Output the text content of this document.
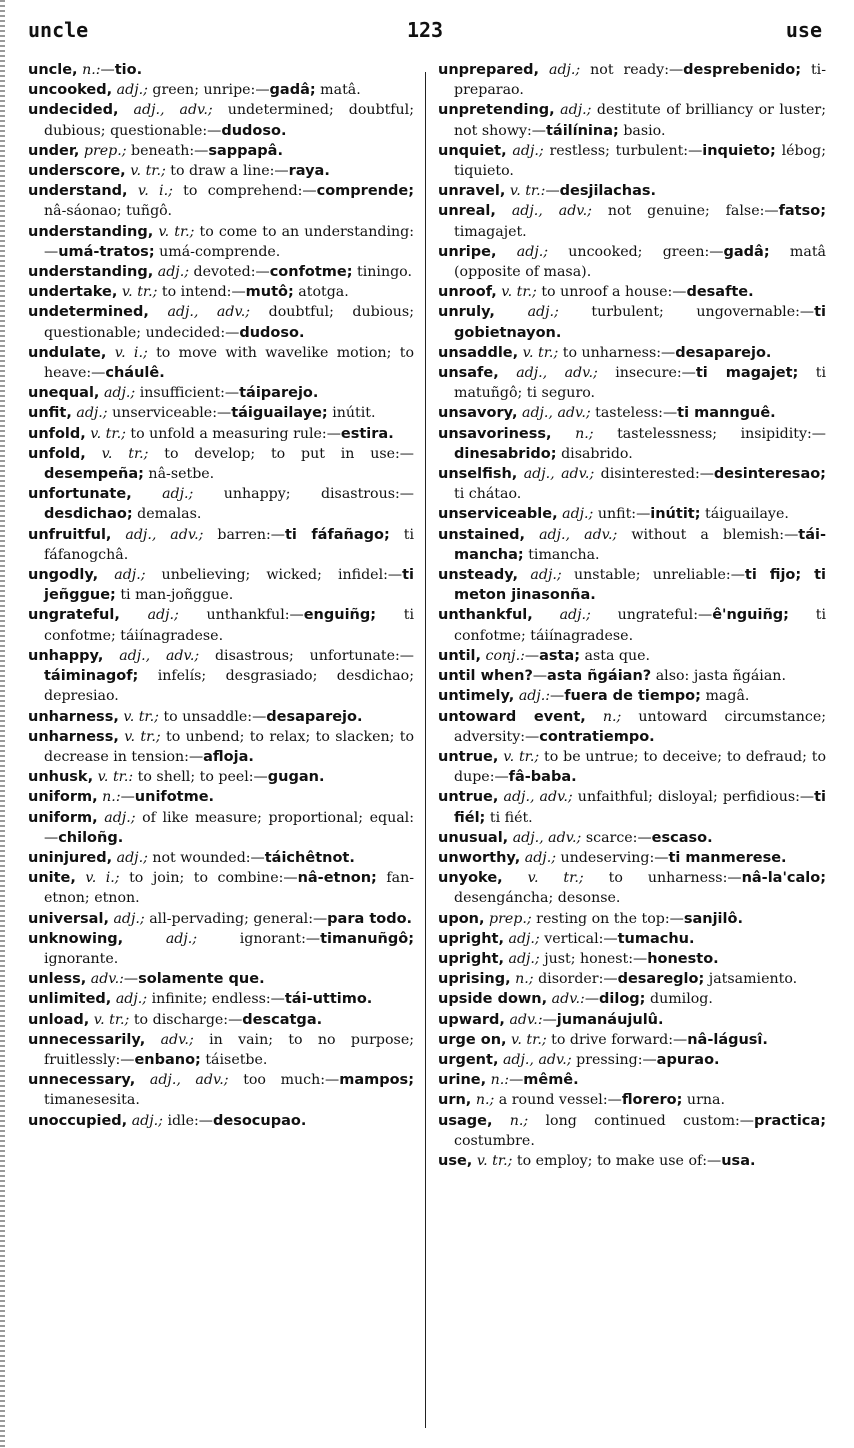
uncle	123	use

uncle, n.:—tio.

uncooked, adj.; green; unripe:—gadâ; matâ.

undecided, adj., adv.; undetermined; doubtful; dubious; questionable:—dudoso.

under, prep.; beneath:—sappapâ.

underscore, v. tr.; to draw a line:—raya.

understand, v. i.; to comprehend:—comprende; nâ-sáonao; tuñgô.

understanding, v. tr.; to come to an understanding:—umá-tratos; umá-comprende.

understanding, adj.; devoted:—confotme; tiningo.

undertake, v. tr.; to intend:—mutô; atotga.

undetermined, adj., adv.; doubtful; dubious; questionable; undecided:—dudoso.

undulate, v. i.; to move with wavelike motion; to heave:—cháulê.

unequal, adj.; insufficient:—táiparejo.

unfit, adj.; unserviceable:—táiguailaye; inútit.

unfold, v. tr.; to unfold a measuring rule:—estira.

unfold, v. tr.; to develop; to put in use:—desempeña; nâ-setbe.

unfortunate, adj.; unhappy; disastrous:—desdichao; demalas.

unfruitful, adj., adv.; barren:—ti fáfañago; ti fáfanogchâ.

ungodly, adj.; unbelieving; wicked; infidel:—ti jeñggue; ti man-joñggue.

ungrateful, adj.; unthankful:—enguiñg; ti confotme; táiínagradese.

unhappy, adj., adv.; disastrous; unfortunate:—táiminagof; infelís; desgrasiado; desdichao; depresiao.

unharness, v. tr.; to unsaddle:—desaparejo.

unharness, v. tr.; to unbend; to relax; to slacken; to decrease in tension:—afloja.

unhusk, v. tr.: to shell; to peel:—gugan.

uniform, n.:—unifotme.

uniform, adj.; of like measure; proportional; equal:—chiloñg.

uninjured, adj.; not wounded:—táichêtnot.

unite, v. i.; to join; to combine:—nâ-etnon; fan-etnon; etnon.

universal, adj.; all-pervading; general:—para todo.

unknowing,	adj.; ignorant:—timanuñgô; ignorante.

unless, adv.:—solamente que.

unlimited, adj.; infinite; endless:—tái-uttimo.

unload, v. tr.; to discharge:—descatga.

unnecessarily, adv.; in vain; to no purpose; fruitlessly:—enbano; táisetbe.

unnecessary, adj., adv.; too much:—mampos; timanesesita.

unoccupied, adj.; idle:—desocupao.

unprepared, adj.; not ready:—desprebenido; ti-preparao.

unpretending, adj.; destitute of brilliancy or luster; not showy:—táilínina; basio.

unquiet, adj.; restless; turbulent:—inquieto; lébog; tiquieto.

unravel, v. tr.:—desjilachas.

unreal, adj., adv.; not genuine; false:—fatso; timagajet.

unripe, adj.; uncooked; green:—gadâ; matâ (opposite of masa).

unroof, v. tr.; to unroof a house:—desafte.

unruly, adj.; turbulent; ungovernable:—ti gobietnayon.

unsaddle, v. tr.; to unharness:—desaparejo.

unsafe, adj., adv.; insecure:—ti magajet; ti matuñgô; ti seguro.

unsavory, adj., adv.; tasteless:—ti mannguê.

unsavoriness, n.; tastelessness; insipidity:—dinesabrido; disabrido.

unselfish, adj., adv.; disinterested:—desinteresao; ti chátao.

unserviceable, adj.; unfit:—inútit; táiguailaye.

unstained, adj., adv.; without a blemish:—tái-mancha; timancha.

unsteady, adj.; unstable; unreliable:—ti fijo; ti meton jinasonña.

unthankful, adj.; ungrateful:—ê'nguiñg; ti confotme; táiínagradese.

until, conj.:—asta; asta que.

until when?—asta ñgáian? also: jasta ñgáian.

untimely, adj.:—fuera de tiempo; magâ.

untoward event, n.; untoward circumstance; adversity:—contratiempo.

untrue, v. tr.; to be untrue; to deceive; to defraud; to dupe:—fâ-baba.

untrue, adj., adv.; unfaithful; disloyal; perfidious:—ti fiél; ti fiét.

unusual, adj., adv.; scarce:—escaso.

unworthy, adj.; undeserving:—ti manmerese.

unyoke, v. tr.; to unharness:—nâ-la'calo; desengáncha; desonse.

upon, prep.; resting on the top:—sanjilô.

upright, adj.; vertical:—tumachu.

upright, adj.; just; honest:—honesto.

uprising, n.; disorder:—desareglo; jatsamiento.

upside down, adv.:—dilog; dumilog.

upward, adv.:—jumanáujulû.

urge on, v. tr.; to drive forward:—nâ-lágusî.

urgent, adj., adv.; pressing:—apurao.

urine, n.:—mêmê.

urn, n.; a round vessel:—florero; urna.

usage, n.; long continued custom:—practica; costumbre.

use, v. tr.; to employ; to make use of:—usa.
